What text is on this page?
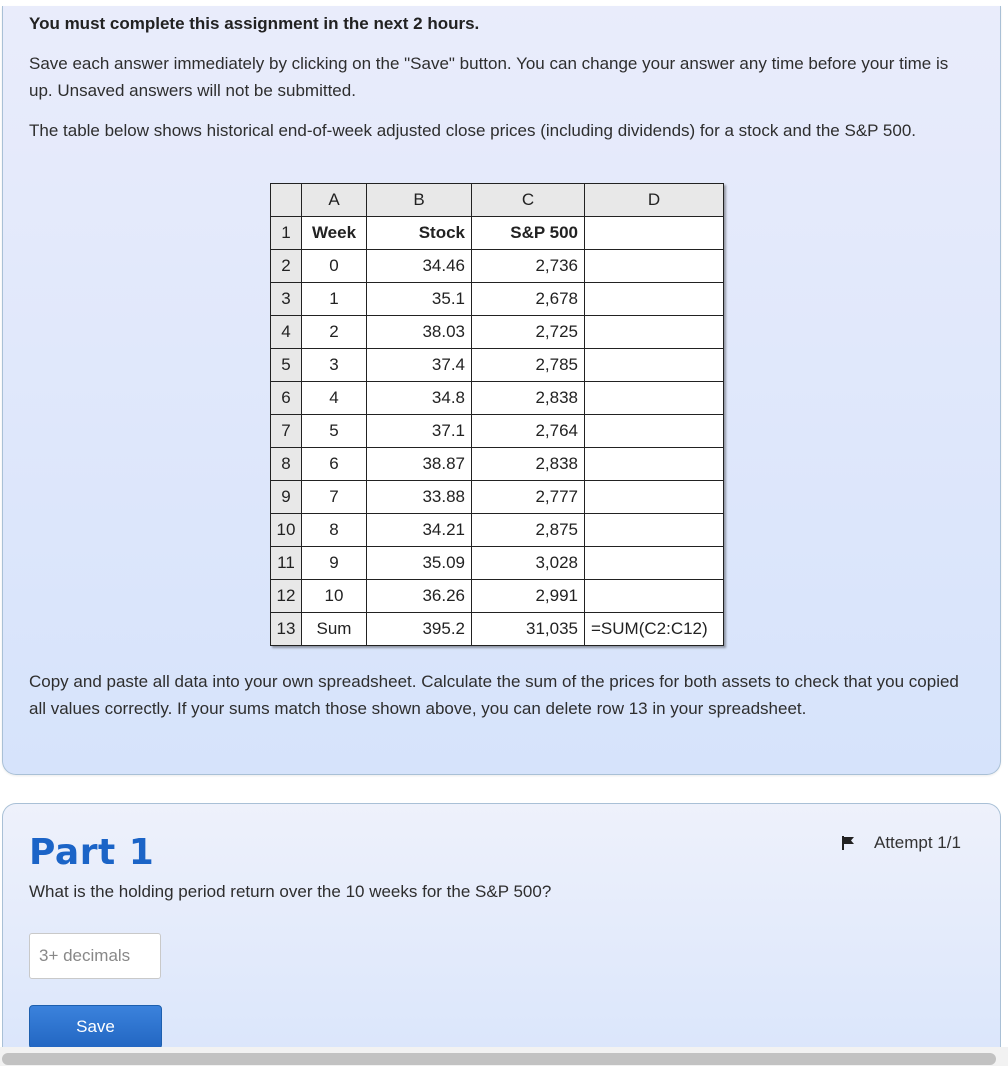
You must complete this assignment in the next 2 hours.
Save each answer immediately by clicking on the "Save" button. You can change your answer any time before your time is up. Unsaved answers will not be submitted.
The table below shows historical end-of-week adjusted close prices (including dividends) for a stock and the S&P 500.
	A	B	C	D
1	Week	Stock	S&P 500	
2	0	34.46	2,736	
3	1	35.1	2,678	
4	2	38.03	2,725	
5	3	37.4	2,785	
6	4	34.8	2,838	
7	5	37.1	2,764	
8	6	38.87	2,838	
9	7	33.88	2,777	
10	8	34.21	2,875	
11	9	35.09	3,028	
12	10	36.26	2,991	
13	Sum	395.2	31,035	=SUM(C2:C12)
Copy and paste all data into your own spreadsheet. Calculate the sum of the prices for both assets to check that you copied all values correctly. If your sums match those shown above, you can delete row 13 in your spreadsheet.
Part 1	Attempt 1/1
What is the holding period return over the 10 weeks for the S&P 500?
3+ decimals
Save
